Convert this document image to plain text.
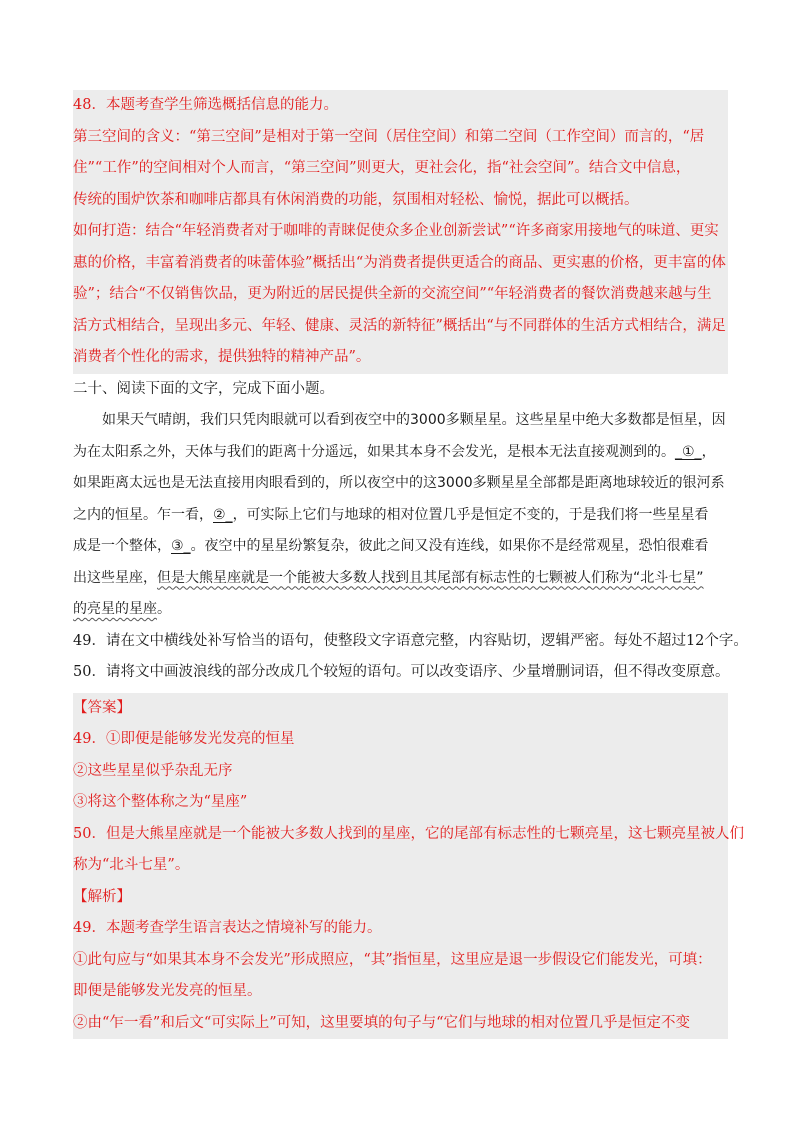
48．本题考查学生筛选概括信息的能力。
第三空间的含义：“第三空间”是相对于第一空间（居住空间）和第二空间（工作空间）而言的，“居
住”“工作”的空间相对个人而言，“第三空间”则更大，更社会化，指“社会空间”。结合文中信息，
传统的围炉饮茶和咖啡店都具有休闲消费的功能，氛围相对轻松、愉悦，据此可以概括。
如何打造：结合“年轻消费者对于咖啡的青睐促使众多企业创新尝试”“许多商家用接地气的味道、更实
惠的价格，丰富着消费者的味蕾体验”概括出“为消费者提供更适合的商品、更实惠的价格，更丰富的体
验”；结合“不仅销售饮品，更为附近的居民提供全新的交流空间”“年轻消费者的餐饮消费越来越与生
活方式相结合，呈现出多元、年轻、健康、灵活的新特征”概括出“与不同群体的生活方式相结合，满足
消费者个性化的需求，提供独特的精神产品”。
二十、阅读下面的文字，完成下面小题。
如果天气晴朗，我们只凭肉眼就可以看到夜空中的3000多颗星星。这些星星中绝大多数都是恒星，因
为在太阳系之外，天体与我们的距离十分遥远，如果其本身不会发光，是根本无法直接观测到的。_①_，
如果距离太远也是无法直接用肉眼看到的，所以夜空中的这3000多颗星星全部都是距离地球较近的银河系
之内的恒星。乍一看，②_，可实际上它们与地球的相对位置几乎是恒定不变的，于是我们将一些星星看
成是一个整体，③_。夜空中的星星纷繁复杂，彼此之间又没有连线，如果你不是经常观星，恐怕很难看
出这些星座，但是大熊星座就是一个能被大多数人找到且其尾部有标志性的七颗被人们称为“北斗七星”
的亮星的星座。
49．请在文中横线处补写恰当的语句，使整段文字语意完整，内容贴切，逻辑严密。每处不超过12个字。
50．请将文中画波浪线的部分改成几个较短的语句。可以改变语序、少量增删词语，但不得改变原意。
【答案】
49．①即便是能够发光发亮的恒星
②这些星星似乎杂乱无序
③将这个整体称之为“星座”
50．但是大熊星座就是一个能被大多数人找到的星座，它的尾部有标志性的七颗亮星，这七颗亮星被人们
称为“北斗七星”。
【解析】
49．本题考查学生语言表达之情境补写的能力。
①此句应与“如果其本身不会发光”形成照应，“其”指恒星，这里应是退一步假设它们能发光，可填：
即便是能够发光发亮的恒星。
②由“乍一看”和后文“可实际上”可知，这里要填的句子与“它们与地球的相对位置几乎是恒定不变
